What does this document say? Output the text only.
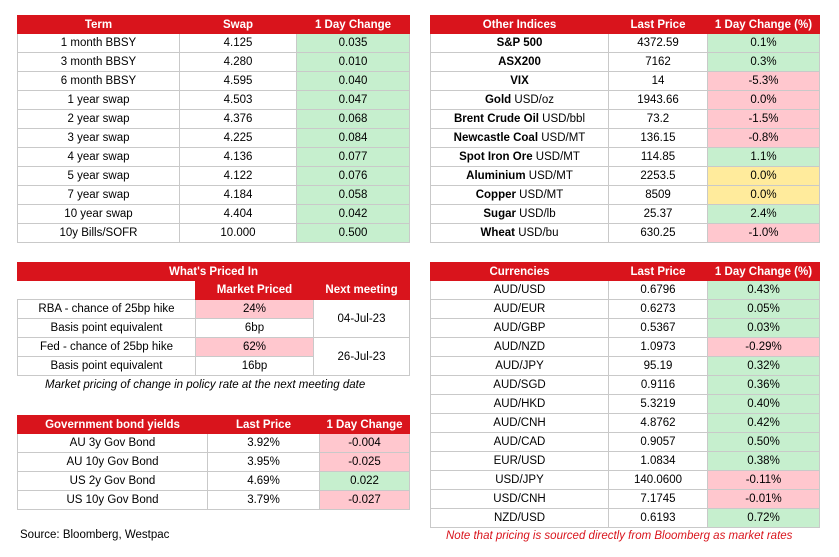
Term	Swap	1 Day Change
1 month BBSY	4.125	0.035
3 month BBSY	4.280	0.010
6 month BBSY	4.595	0.040
1 year swap	4.503	0.047
2 year swap	4.376	0.068
3 year swap	4.225	0.084
4 year swap	4.136	0.077
5 year swap	4.122	0.076
7 year swap	4.184	0.058
10 year swap	4.404	0.042
10y Bills/SOFR	10.000	0.500
What's Priced In		
	Market Priced	Next meeting
RBA - chance of 25bp hike	24%	04-Jul-23
Basis point equivalent	6bp	
Fed - chance of 25bp hike	62%	26-Jul-23
Basis point equivalent	16bp	
Market pricing of change in policy rate at the next meeting date
Government bond yields	Last Price	1 Day Change
AU 3y Gov Bond	3.92%	-0.004
AU 10y Gov Bond	3.95%	-0.025
US 2y Gov Bond	4.69%	0.022
US 10y Gov Bond	3.79%	-0.027
Source: Bloomberg, Westpac
Other Indices	Last Price	1 Day Change (%)
S&P 500	4372.59	0.1%
ASX200	7162	0.3%
VIX	14	-5.3%
Gold USD/oz	1943.66	0.0%
Brent Crude Oil USD/bbl	73.2	-1.5%
Newcastle Coal USD/MT	136.15	-0.8%
Spot Iron Ore USD/MT	114.85	1.1%
Aluminium USD/MT	2253.5	0.0%
Copper USD/MT	8509	0.0%
Sugar USD/lb	25.37	2.4%
Wheat USD/bu	630.25	-1.0%
Currencies	Last Price	1 Day Change (%)
AUD/USD	0.6796	0.43%
AUD/EUR	0.6273	0.05%
AUD/GBP	0.5367	0.03%
AUD/NZD	1.0973	-0.29%
AUD/JPY	95.19	0.32%
AUD/SGD	0.9116	0.36%
AUD/HKD	5.3219	0.40%
AUD/CNH	4.8762	0.42%
AUD/CAD	0.9057	0.50%
EUR/USD	1.0834	0.38%
USD/JPY	140.0600	-0.11%
USD/CNH	7.1745	-0.01%
NZD/USD	0.6193	0.72%
Note that pricing is sourced directly from Bloomberg as market rates
